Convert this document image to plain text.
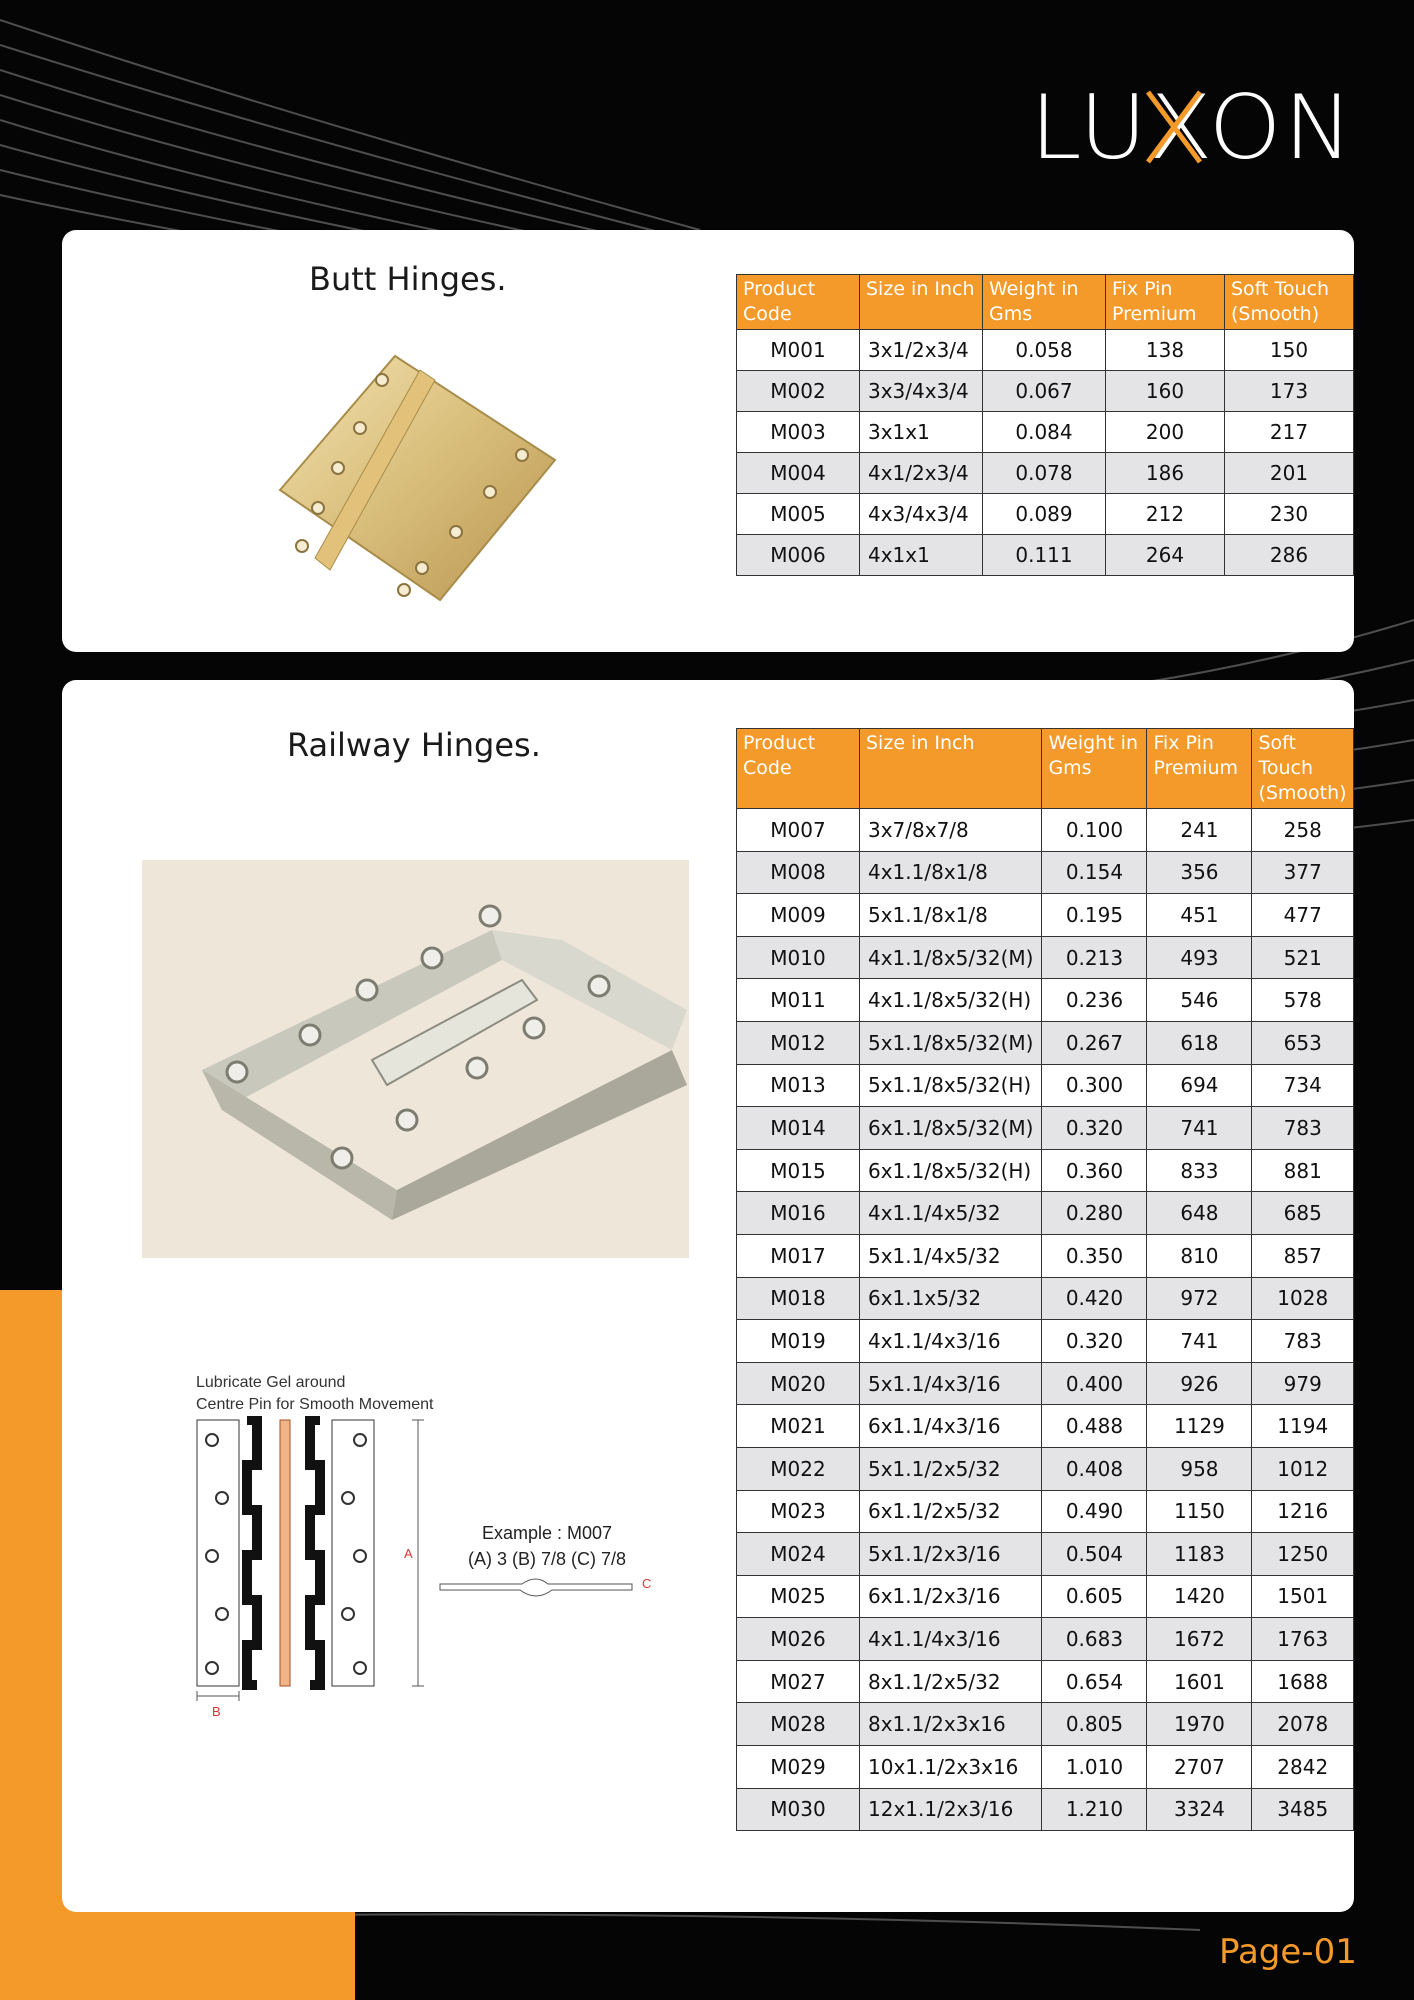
LUXON
Butt Hinges.	Product Code	Size in Inch	Weight in Gms	Fix Pin Premium	Soft Touch (Smooth)
M001	3x1/2x3/4	0.058	138	150
M002	3x3/4x3/4	0.067	160	173
M003	3x1x1	0.084	200	217
M004	4x1/2x3/4	0.078	186	201
M005	4x3/4x3/4	0.089	212	230
M006	4x1x1	0.111	264	286
Railway Hinges.
Lubricate Gel around
Centre Pin for Smooth Movement
A
B
Example : M007
(A) 3 (B) 7/8 (C) 7/8
C
Product Code	Size in Inch	Weight in Gms	Fix Pin Premium	Soft Touch (Smooth)
M007	3x7/8x7/8	0.100	241	258
M008	4x1.1/8x1/8	0.154	356	377
M009	5x1.1/8x1/8	0.195	451	477
M010	4x1.1/8x5/32(M)	0.213	493	521
M011	4x1.1/8x5/32(H)	0.236	546	578
M012	5x1.1/8x5/32(M)	0.267	618	653
M013	5x1.1/8x5/32(H)	0.300	694	734
M014	6x1.1/8x5/32(M)	0.320	741	783
M015	6x1.1/8x5/32(H)	0.360	833	881
M016	4x1.1/4x5/32	0.280	648	685
M017	5x1.1/4x5/32	0.350	810	857
M018	6x1.1x5/32	0.420	972	1028
M019	4x1.1/4x3/16	0.320	741	783
M020	5x1.1/4x3/16	0.400	926	979
M021	6x1.1/4x3/16	0.488	1129	1194
M022	5x1.1/2x5/32	0.408	958	1012
M023	6x1.1/2x5/32	0.490	1150	1216
M024	5x1.1/2x3/16	0.504	1183	1250
M025	6x1.1/2x3/16	0.605	1420	1501
M026	4x1.1/4x3/16	0.683	1672	1763
M027	8x1.1/2x5/32	0.654	1601	1688
M028	8x1.1/2x3x16	0.805	1970	2078
M029	10x1.1/2x3x16	1.010	2707	2842
M030	12x1.1/2x3/16	1.210	3324	3485
Page-01
